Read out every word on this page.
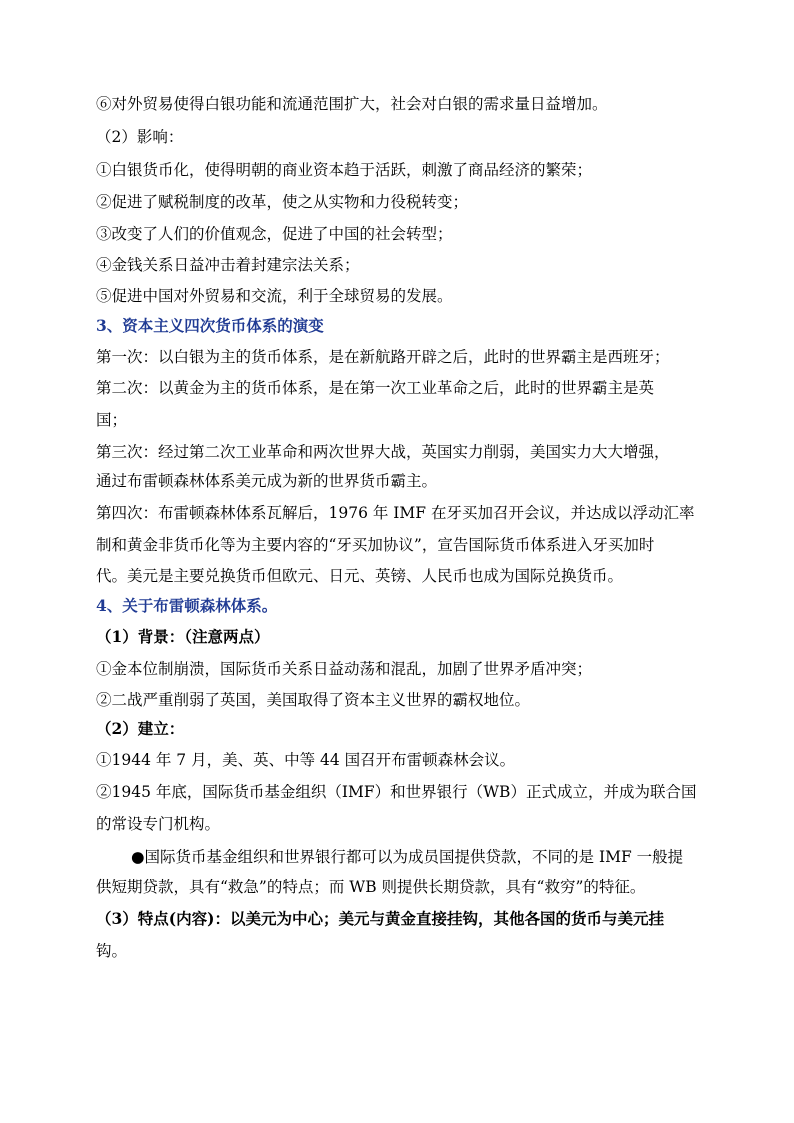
⑥对外贸易使得白银功能和流通范围扩大，社会对白银的需求量日益增加。
（2）影响：
①白银货币化，使得明朝的商业资本趋于活跃，刺激了商品经济的繁荣；
②促进了赋税制度的改革，使之从实物和力役税转变；
③改变了人们的价值观念，促进了中国的社会转型；
④金钱关系日益冲击着封建宗法关系；
⑤促进中国对外贸易和交流，利于全球贸易的发展。
3、资本主义四次货币体系的演变
第一次：以白银为主的货币体系，是在新航路开辟之后，此时的世界霸主是西班牙；
第二次：以黄金为主的货币体系，是在第一次工业革命之后，此时的世界霸主是英
国；
第三次：经过第二次工业革命和两次世界大战，英国实力削弱，美国实力大大增强，
通过布雷顿森林体系美元成为新的世界货币霸主。
第四次：布雷顿森林体系瓦解后，1976 年 IMF 在牙买加召开会议，并达成以浮动汇率
制和黄金非货币化等为主要内容的“牙买加协议”，宣告国际货币体系进入牙买加时
代。美元是主要兑换货币但欧元、日元、英镑、人民币也成为国际兑换货币。
4、关于布雷顿森林体系。
（1）背景：（注意两点）
①金本位制崩溃，国际货币关系日益动荡和混乱，加剧了世界矛盾冲突；
②二战严重削弱了英国，美国取得了资本主义世界的霸权地位。
（2）建立：
①1944 年 7 月，美、英、中等 44 国召开布雷顿森林会议。
②1945 年底，国际货币基金组织（IMF）和世界银行（WB）正式成立，并成为联合国
的常设专门机构。
●国际货币基金组织和世界银行都可以为成员国提供贷款，不同的是 IMF 一般提
供短期贷款，具有“救急”的特点；而 WB 则提供长期贷款，具有“救穷”的特征。
（3）特点(内容)：以美元为中心；美元与黄金直接挂钩，其他各国的货币与美元挂
钩。
